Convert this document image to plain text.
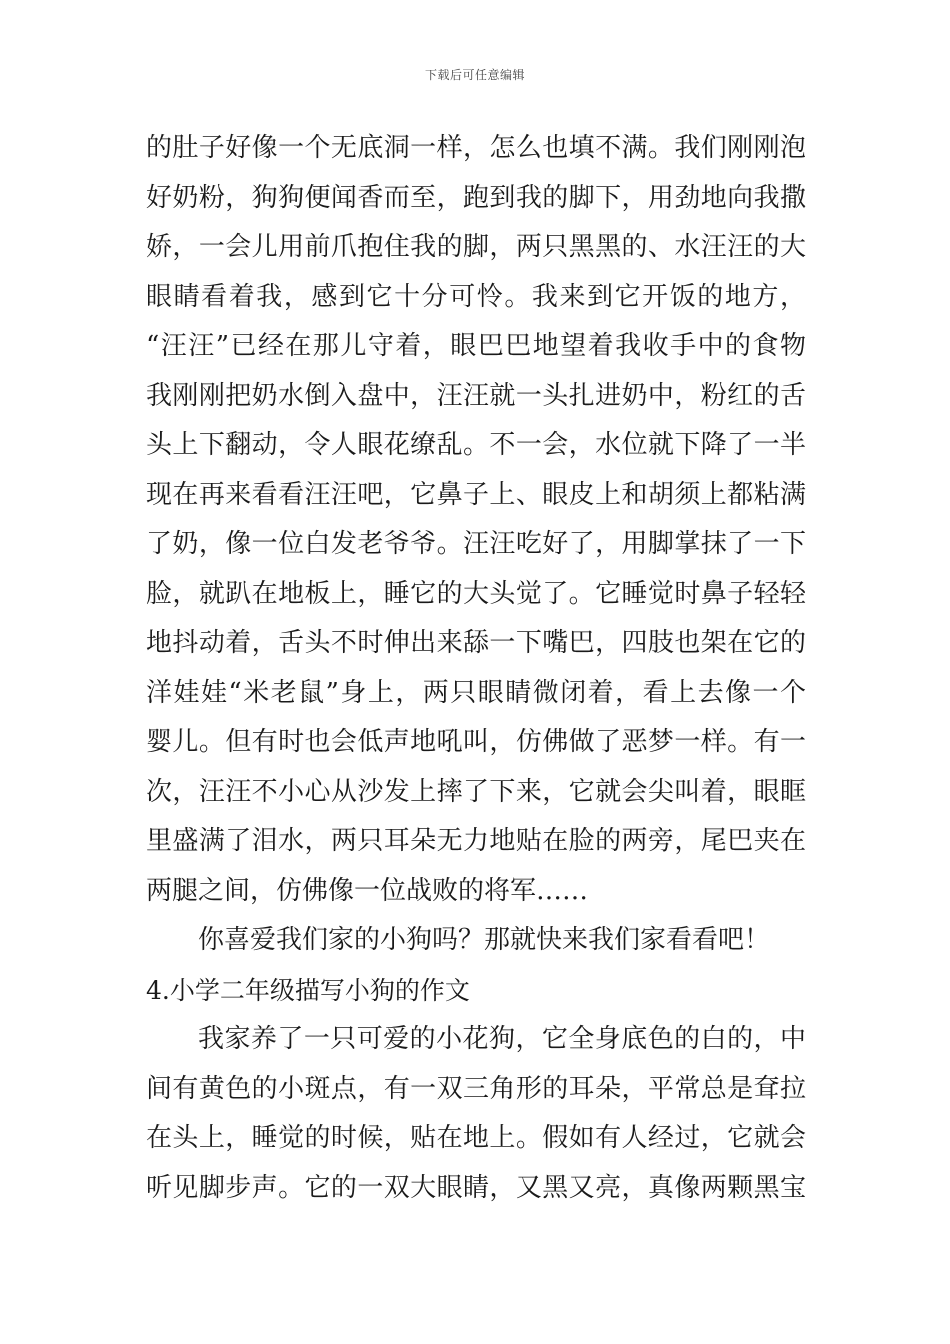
下载后可任意编辑
的肚子好像一个无底洞一样，怎么也填不满。我们刚刚泡
好奶粉，狗狗便闻香而至，跑到我的脚下，用劲地向我撒
娇，一会儿用前爪抱住我的脚，两只黑黑的、水汪汪的大
眼睛看着我，感到它十分可怜。我来到它开饭的地方，
“汪汪”已经在那儿守着，眼巴巴地望着我收手中的食物
我刚刚把奶水倒入盘中，汪汪就一头扎进奶中，粉红的舌
头上下翻动，令人眼花缭乱。不一会，水位就下降了一半
现在再来看看汪汪吧，它鼻子上、眼皮上和胡须上都粘满
了奶，像一位白发老爷爷。汪汪吃好了，用脚掌抹了一下
脸，就趴在地板上，睡它的大头觉了。它睡觉时鼻子轻轻
地抖动着，舌头不时伸出来舔一下嘴巴，四肢也架在它的
洋娃娃“米老鼠”身上，两只眼睛微闭着，看上去像一个
婴儿。但有时也会低声地吼叫，仿佛做了恶梦一样。有一
次，汪汪不小心从沙发上摔了下来，它就会尖叫着，眼眶
里盛满了泪水，两只耳朵无力地贴在脸的两旁，尾巴夹在
两腿之间，仿佛像一位战败的将军……
你喜爱我们家的小狗吗？那就快来我们家看看吧！
4.小学二年级描写小狗的作文
我家养了一只可爱的小花狗，它全身底色的白的，中
间有黄色的小斑点，有一双三角形的耳朵，平常总是耷拉
在头上，睡觉的时候，贴在地上。假如有人经过，它就会
听见脚步声。它的一双大眼睛，又黑又亮，真像两颗黑宝
